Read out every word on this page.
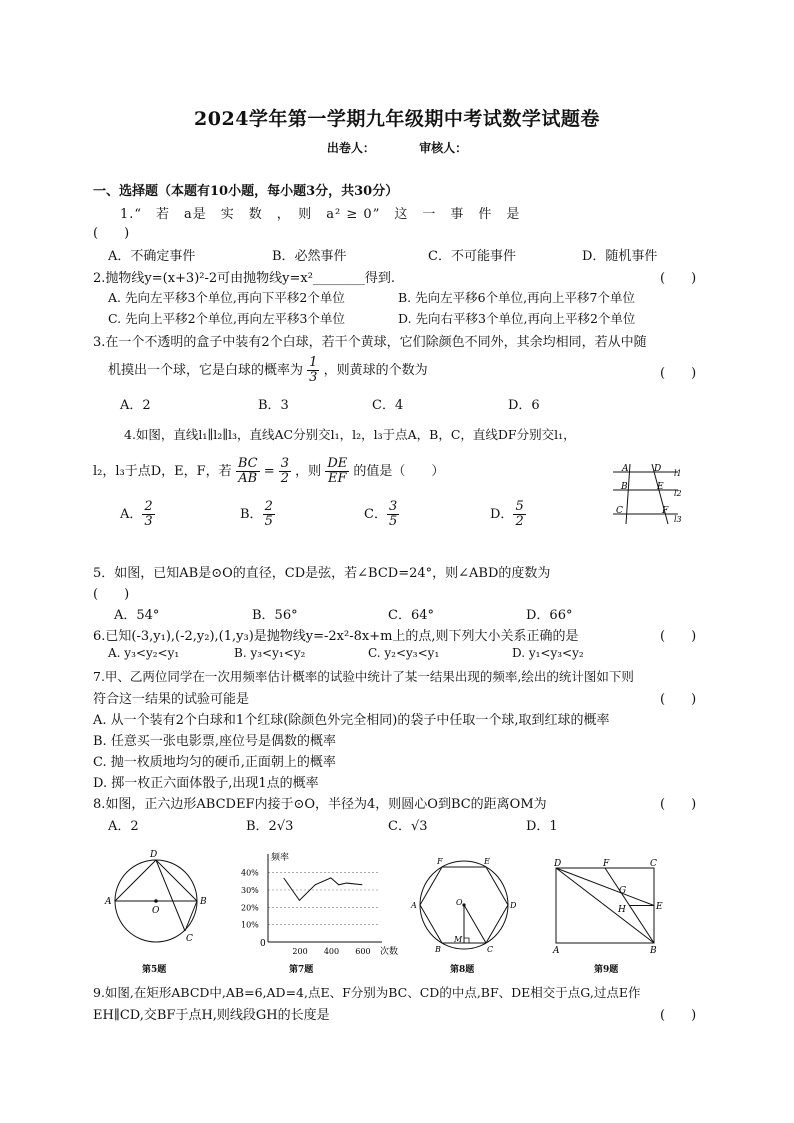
2024学年第一学期九年级期中考试数学试题卷
出卷人：	审核人：
一、选择题（本题有10小题，每小题3分，共30分）
1.“　若　a是　实　数　，　则　a² ≥ 0”　这　一　事　件　是
(　　)
A．不确定事件	B．必然事件	C．不可能事件	D．随机事件
2.抛物线y=(x+3)²-2可由抛物线y=x²________得到.	(　　)
A. 先向左平移3个单位,再向下平移2个单位	B. 先向左平移6个单位,再向上平移7个单位
C. 先向上平移2个单位,再向左平移3个单位	D. 先向右平移3个单位,再向上平移2个单位
3.在一个不透明的盒子中装有2个白球，若干个黄球，它们除颜色不同外，其余均相同，若从中随
机摸出一个球，它是白球的概率为 $\frac{1}{3}$ ，则黄球的个数为	(　　)
A．2	B．3	C．4	D．6
4.如图，直线l₁∥l₂∥l₃，直线AC分别交l₁，l₂，l₃于点A，B，C，直线DF分别交l₁，
l₂，l₃于点D，E，F，若 $\frac{BC}{AB} = \frac{3}{2}$ ，则 $\frac{DE}{EF}$ 的值是（　　）
A． $\frac{2}{3}$	B． $\frac{2}{5}$	C． $\frac{3}{5}$	D． $\frac{5}{2}$
A	D l1
B	E
l2
C	F
l3
5．如图，已知AB是⊙O的直径，CD是弦，若∠BCD=24°，则∠ABD的度数为
(　　)
A．54°	B．56°	C．64°	D．66°
6.已知(-3,y₁),(-2,y₂),(1,y₃)是抛物线y=-2x²-8x+m上的点,则下列大小关系正确的是	(　　)
A. y₃<y₂<y₁	B. y₃<y₁<y₂	C. y₂<y₃<y₁	D. y₁<y₃<y₂
7.甲、乙两位同学在一次用频率估计概率的试验中统计了某一结果出现的频率,绘出的统计图如下则
符合这一结果的试验可能是	(　　)
A. 从一个装有2个白球和1个红球(除颜色外完全相同)的袋子中任取一个球,取到红球的概率
B. 任意买一张电影票,座位号是偶数的概率
C. 抛一枚质地均匀的硬币,正面朝上的概率
D. 掷一枚正六面体骰子,出现1点的概率
8.如图，正六边形ABCDEF内接于⊙O，半径为4，则圆心O到BC的距离OM为	(　　)
A．2	B．2√3	C．√3	D．1
D
A
O
B
C
第5题
频率
次数
0
10%
20%
30%
40%
200 400 600
第7题
F	E
A	O	D
M
B	C
第8题
D	F	C
G
H	E
A	B
第9题
9.如图,在矩形ABCD中,AB=6,AD=4,点E、F分别为BC、CD的中点,BF、DE相交于点G,过点E作
EH∥CD,交BF于点H,则线段GH的长度是	(　　)
